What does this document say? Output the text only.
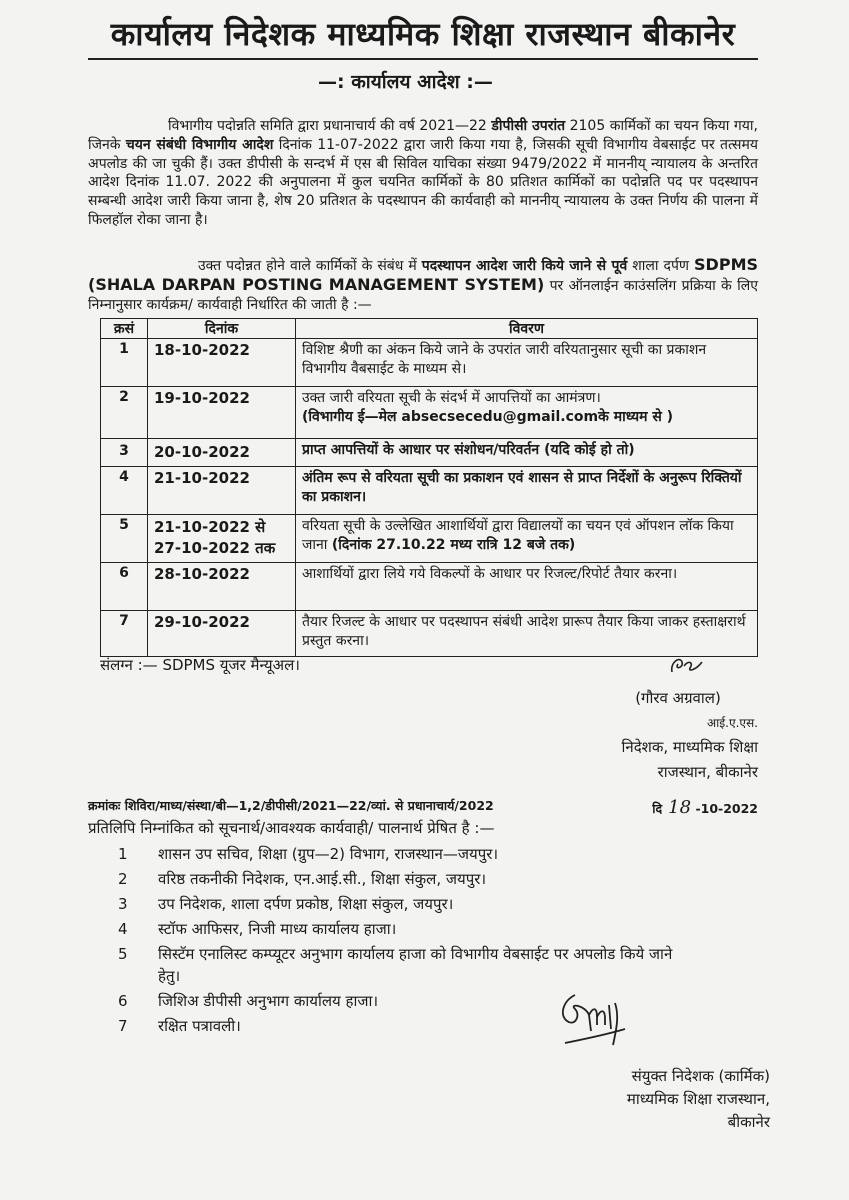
कार्यालय निदेशक माध्यमिक शिक्षा राजस्थान बीकानेर
—: कार्यालय आदेश :—
विभागीय पदोन्नति समिति द्वारा प्रधानाचार्य की वर्ष 2021—22 डीपीसी उपरांत 2105 कार्मिकों का चयन किया गया, जिनके चयन संबंधी विभागीय आदेश दिनांक 11-07-2022 द्वारा जारी किया गया है, जिसकी सूची विभागीय वेबसाईट पर तत्समय अपलोड की जा चुकी हैं। उक्त डीपीसी के सन्दर्भ में एस बी सिविल याचिका संख्या 9479/2022 में माननीय् न्यायालय के अन्तरित आदेश दिनांक 11.07. 2022 की अनुपालना में कुल चयनित कार्मिकों के 80 प्रतिशत कार्मिकों का पदोन्नति पद पर पदस्थापन सम्बन्धी आदेश जारी किया जाना है, शेष 20 प्रतिशत के पदस्थापन की कार्यवाही को माननीय् न्यायालय के उक्त निर्णय की पालना में फिलहॉल रोका जाना है।
उक्त पदोन्नत होने वाले कार्मिकों के संबंध में पदस्थापन आदेश जारी किये जाने से पूर्व शाला दर्पण SDPMS (SHALA DARPAN POSTING MANAGEMENT SYSTEM) पर ऑनलाईन काउंसलिंग प्रक्रिया के लिए निम्नानुसार कार्यक्रम/ कार्यवाही निर्धारित की जाती है :—
क्रसं	दिनांक	विवरण
1	18-10-2022	विशिष्ट श्रैणी का अंकन किये जाने के उपरांत जारी वरियतानुसार सूची का प्रकाशन विभागीय वैबसाईट के माध्यम से।
2	19-10-2022	उक्त जारी वरियता सूची के संदर्भ में आपत्तियों का आमंत्रण।
(विभागीय ई—मेल absecsecedu@gmail.comके माध्यम से )
3	20-10-2022	प्राप्त आपत्तियों के आधार पर संशोधन/परिवर्तन (यदि कोई हो तो)
4	21-10-2022	अंतिम रूप से वरियता सूची का प्रकाशन एवं शासन से प्राप्त निर्देशों के अनुरूप रिक्तियों का प्रकाशन।
5	21-10-2022 से 27-10-2022 तक	वरियता सूची के उल्लेखित आशार्थियों द्वारा विद्यालयों का चयन एवं ऑपशन लॉक किया जाना (दिनांक 27.10.22 मध्य रात्रि 12 बजे तक)
6	28-10-2022	आशार्थियों द्वारा लिये गये विकल्पों के आधार पर रिजल्ट/रिपोर्ट तैयार करना।
7	29-10-2022	तैयार रिजल्ट के आधार पर पदस्थापन संबंधी आदेश प्रारूप तैयार किया जाकर हस्ताक्षरार्थ प्रस्तुत करना।
संलग्न :— SDPMS यूजर मैन्यूअल।
(गौरव अग्रवाल)
आई.ए.एस.
निदेशक, माध्यमिक शिक्षा
राजस्थान, बीकानेर
क्रमांकः शिविरा/माध्य/संस्था/बी—1,2/डीपीसी/2021—22/व्यां. से प्रधानाचार्य/2022	दि 18 -10-2022
प्रतिलिपि निम्नांकित को सूचनार्थ/आवश्यक कार्यवाही/ पालनार्थ प्रेषित है :—
1	शासन उप सचिव, शिक्षा (ग्रुप—2) विभाग, राजस्थान—जयपुर।
2	वरिष्ठ तकनीकी निदेशक, एन.आई.सी., शिक्षा संकुल, जयपुर।
3	उप निदेशक, शाला दर्पण प्रकोष्ठ, शिक्षा संकुल, जयपुर।
4	स्टॉफ आफिसर, निजी माध्य कार्यालय हाजा।
5	सिस्टॅम एनालिस्ट कम्प्यूटर अनुभाग कार्यालय हाजा को विभागीय वेबसाईट पर अपलोड किये जाने हेतु।
6	जिशिअ डीपीसी अनुभाग कार्यालय हाजा।
7	रक्षित पत्रावली।
संयुक्त निदेशक (कार्मिक)
माध्यमिक शिक्षा राजस्थान,
बीकानेर
